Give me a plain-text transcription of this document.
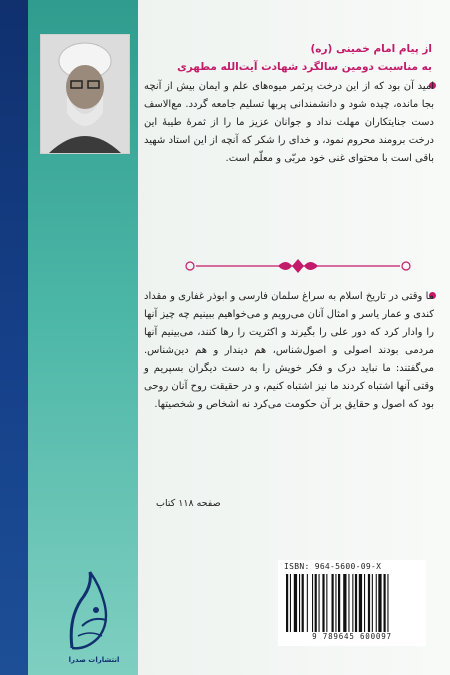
از پیام امام خمینی (ره)
به مناسبت دومین سالگرد شهادت آیت‌الله مطهری
امید آن بود که از این درخت پرثمر میوه‌های علم و ایمان بیش از آنچه بجا مانده، چیده شود و دانشمندانی پربها تسلیم جامعه گردد. مع‌الاسف دست جنایتکاران مهلت نداد و جوانان عزیز ما را از ثمرۀ طیبۀ این درخت برومند محروم نمود، و خدای را شکر که آنچه از این استاد شهید باقی است با محتوای غنی خود مربّی و معلّم است.
ما وقتی در تاریخ اسلام به سراغ سلمان فارسی و ابوذر غفاری و مقداد کندی و عمار یاسر و امثال آنان می‌رویم و می‌خواهیم ببینیم چه چیز آنها را وادار کرد که دور علی را بگیرند و اکثریت را رها کنند، می‌بینیم آنها مردمی بودند اصولی و اصول‌شناس، هم دیندار و هم دین‌شناس. می‌گفتند: ما نباید درک و فکر خویش را به دست دیگران بسپریم و وقتی آنها اشتباه کردند ما نیز اشتباه کنیم، و در حقیقت روح آنان روحی بود که اصول و حقایق بر آن حکومت می‌کرد نه اشخاص و شخصیتها.
صفحه ۱۱۸ کتاب
انتشارات صدرا
ISBN: 964-5600-09-X
9 789645 600097
